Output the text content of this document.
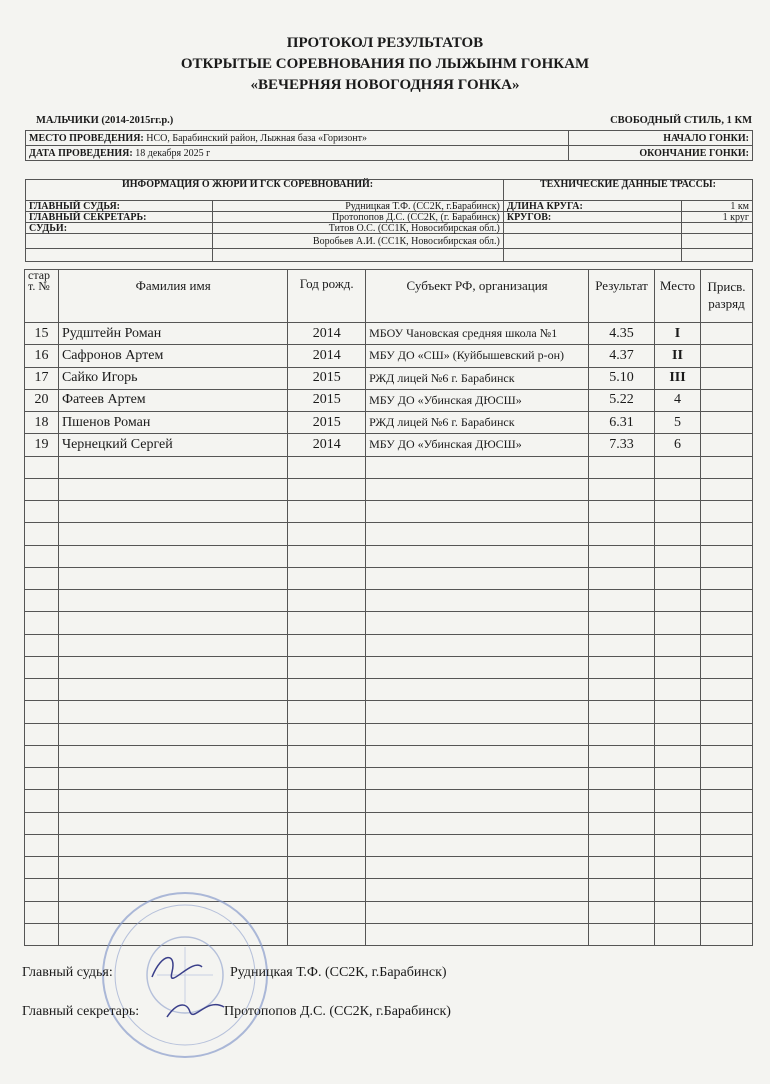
ПРОТОКОЛ РЕЗУЛЬТАТОВ
ОТКРЫТЫЕ СОРЕВНОВАНИЯ ПО ЛЫЖЫНМ ГОНКАМ
«ВЕЧЕРНЯЯ НОВОГОДНЯЯ ГОНКА»
МАЛЬЧИКИ (2014-2015гг.р.)	СВОБОДНЫЙ СТИЛЬ, 1 КМ
МЕСТО ПРОВЕДЕНИЯ: НСО, Барабинский район, Лыжная база «Горизонт»	НАЧАЛО ГОНКИ:
ДАТА ПРОВЕДЕНИЯ: 18 декабря 2025 г	ОКОНЧАНИЕ ГОНКИ:
ИНФОРМАЦИЯ О ЖЮРИ И ГСК СОРЕВНОВАНИЙ:		ТЕХНИЧЕСКИЕ ДАННЫЕ ТРАССЫ:	
ГЛАВНЫЙ СУДЬЯ:	Рудницкая Т.Ф. (СС2К, г.Барабинск)	ДЛИНА КРУГА:	1 км
ГЛАВНЫЙ СЕКРЕТАРЬ:	Протопопов Д.С. (СС2К, (г. Барабинск)	КРУГОВ:	1 круг
СУДЬИ:	Титов О.С. (СС1К, Новосибирская обл.)		
	Воробьев А.И. (СС1К, Новосибирская обл.)		

стар т. №	Фамилия имя	Год рожд.	Субъект РФ, организация	Результат	Место	Присв. разряд
15	Рудштейн Роман	2014	МБОУ Чановская средняя школа №1	4.35	I	
16	Сафронов Артем	2014	МБУ ДО «СШ» (Куйбышевский р-он)	4.37	II	
17	Сайко Игорь	2015	РЖД лицей №6 г. Барабинск	5.10	III	
20	Фатеев Артем	2015	МБУ ДО «Убинская ДЮСШ»	5.22	4	
18	Пшенов Роман	2015	РЖД лицей №6 г. Барабинск	6.31	5	
19	Чернецкий Сергей	2014	МБУ ДО «Убинская ДЮСШ»	7.33	6	

Главный судья:	Рудницкая Т.Ф. (СС2К, г.Барабинск)
Главный секретарь:	Протопопов Д.С. (СС2К, г.Барабинск)
